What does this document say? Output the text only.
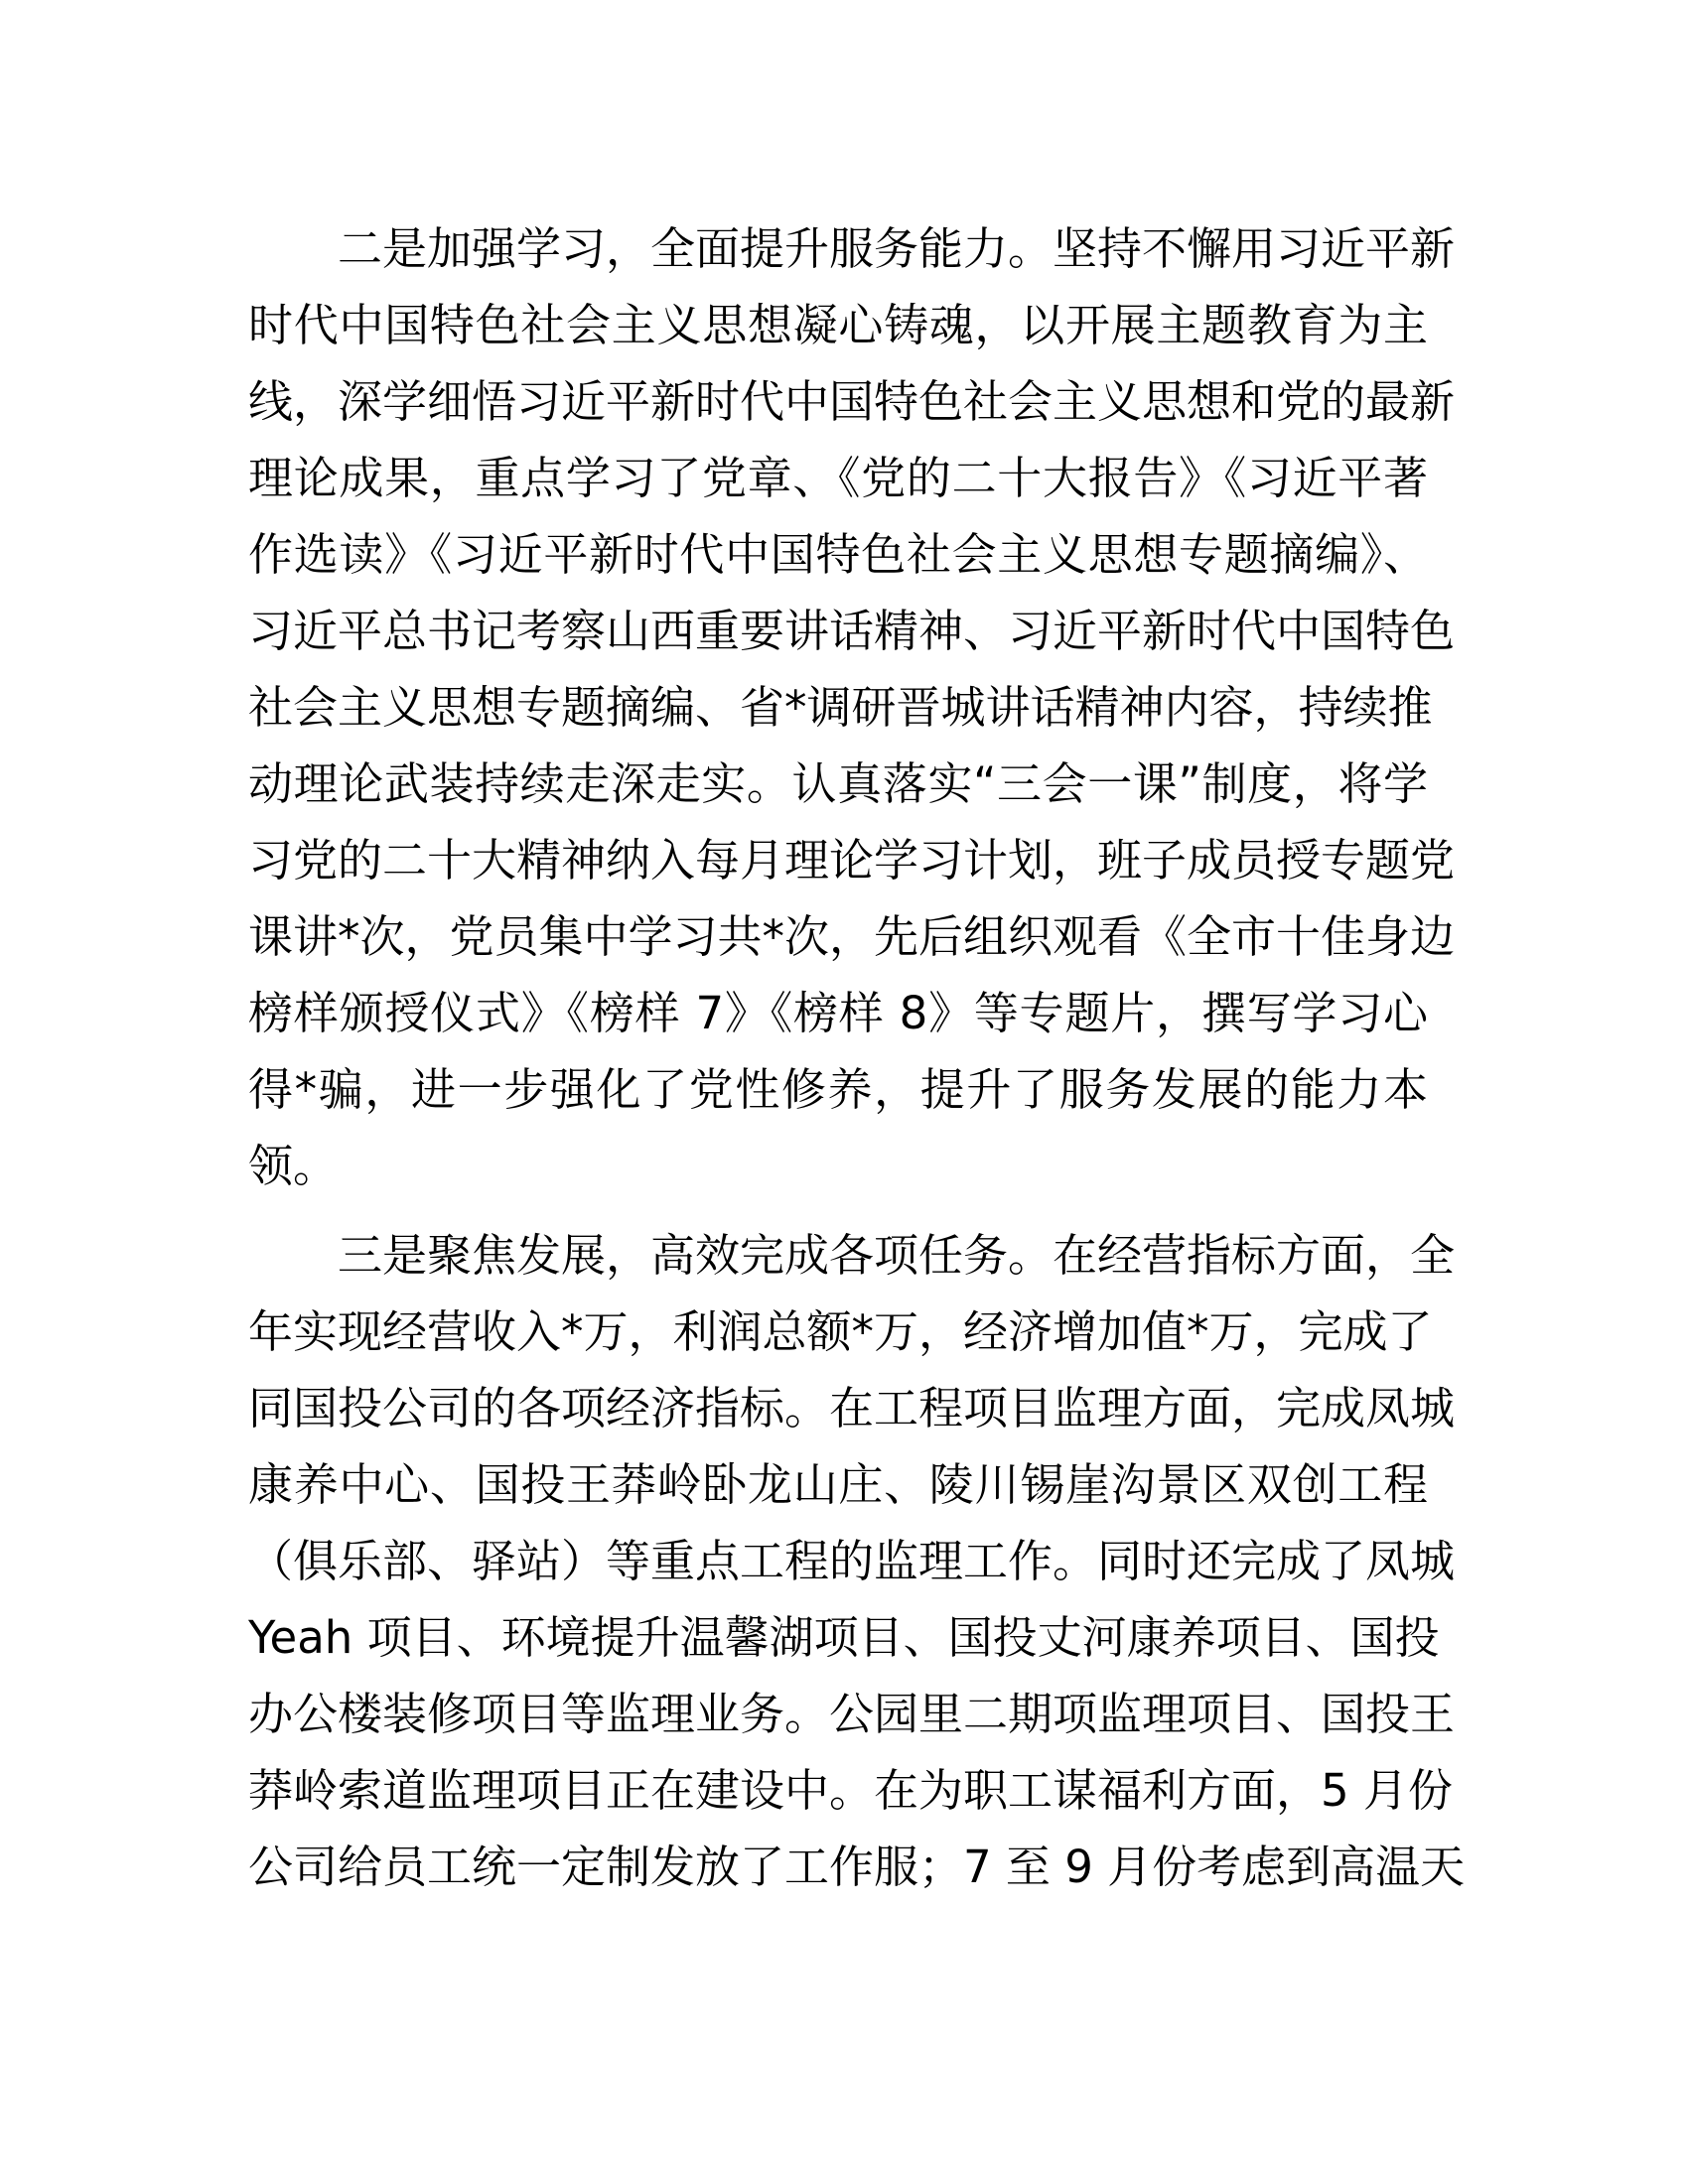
二是加强学习，全面提升服务能力。坚持不懈用习近平新
时代中国特色社会主义思想凝心铸魂，以开展主题教育为主
线，深学细悟习近平新时代中国特色社会主义思想和党的最新
理论成果，重点学习了党章、《党的二十大报告》《习近平著
作选读》《习近平新时代中国特色社会主义思想专题摘编》、
习近平总书记考察山西重要讲话精神、习近平新时代中国特色
社会主义思想专题摘编、省*调研晋城讲话精神内容，持续推
动理论武装持续走深走实。认真落实“三会一课”制度，将学
习党的二十大精神纳入每月理论学习计划，班子成员授专题党
课讲*次，党员集中学习共*次，先后组织观看《全市十佳身边
榜样颁授仪式》《榜样 7》《榜样 8》等专题片，撰写学习心
得*骗，进一步强化了党性修养，提升了服务发展的能力本
领。
三是聚焦发展，高效完成各项任务。在经营指标方面，全
年实现经营收入*万，利润总额*万，经济增加值*万，完成了
同国投公司的各项经济指标。在工程项目监理方面，完成凤城
康养中心、国投王莽岭卧龙山庄、陵川锡崖沟景区双创工程
（俱乐部、驿站）等重点工程的监理工作。同时还完成了凤城
Yeah 项目、环境提升温馨湖项目、国投丈河康养项目、国投
办公楼装修项目等监理业务。公园里二期项监理项目、国投王
莽岭索道监理项目正在建设中。在为职工谋福利方面，5 月份
公司给员工统一定制发放了工作服；7 至 9 月份考虑到高温天
